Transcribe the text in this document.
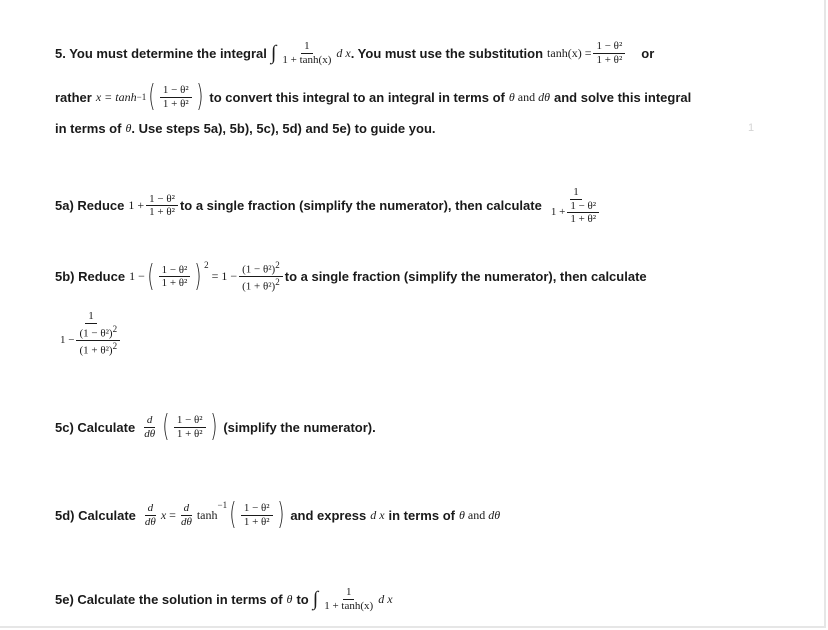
5. You must determine the integral ∫ $\frac{1}{1 + \tanh(x)}$ d x . You must use the substitution $\tanh(x) = \frac{\text{1 − θ²}}{\text{1 + θ²}}$ or
rather x = tanh −1 ( $\frac{\text{1 − θ²}}{\text{1 + θ²}}$ ) to convert this integral to an integral in terms of θ
and
dθ and solve this integral
in terms of θ . Use steps 5a), 5b), 5c), 5d) and 5e) to guide you.	1
5a) Reduce $1 + \frac{\text{1 − θ²}}{\text{1 + θ²}}$ to a single fraction (simplify the numerator), then calculate $\frac{1}{1 + \frac{\text{1 − θ²}}{\text{1 + θ²}}}$
5b) Reduce 1 − ( $\frac{\text{1 − θ²}}{\text{1 + θ²}}$ ) $^2$
= $1 - \frac{(1 - \theta^2)^2}{(1 + \theta^2)^2}$ to a single fraction (simplify the numerator), then calculate
$\frac{1}{1 - \frac{(1 - \theta^2)^2}{(1 + \theta^2)^2}}$
5c) Calculate $\frac{d}{d\theta}$ ( $\frac{\text{1 − θ²}}{\text{1 + θ²}}$ ) (simplify the numerator).
5d) Calculate $\frac{d}{d\theta}$ x
= $\frac{d}{d\theta}$ tanh
$^{-1}$ ( $\frac{\text{1 − θ²}}{\text{1 + θ²}}$ ) and express d x in terms of θ
and
dθ
5e) Calculate the solution in terms of θ to ∫ $\frac{1}{1 + \tanh(x)}$ d x
